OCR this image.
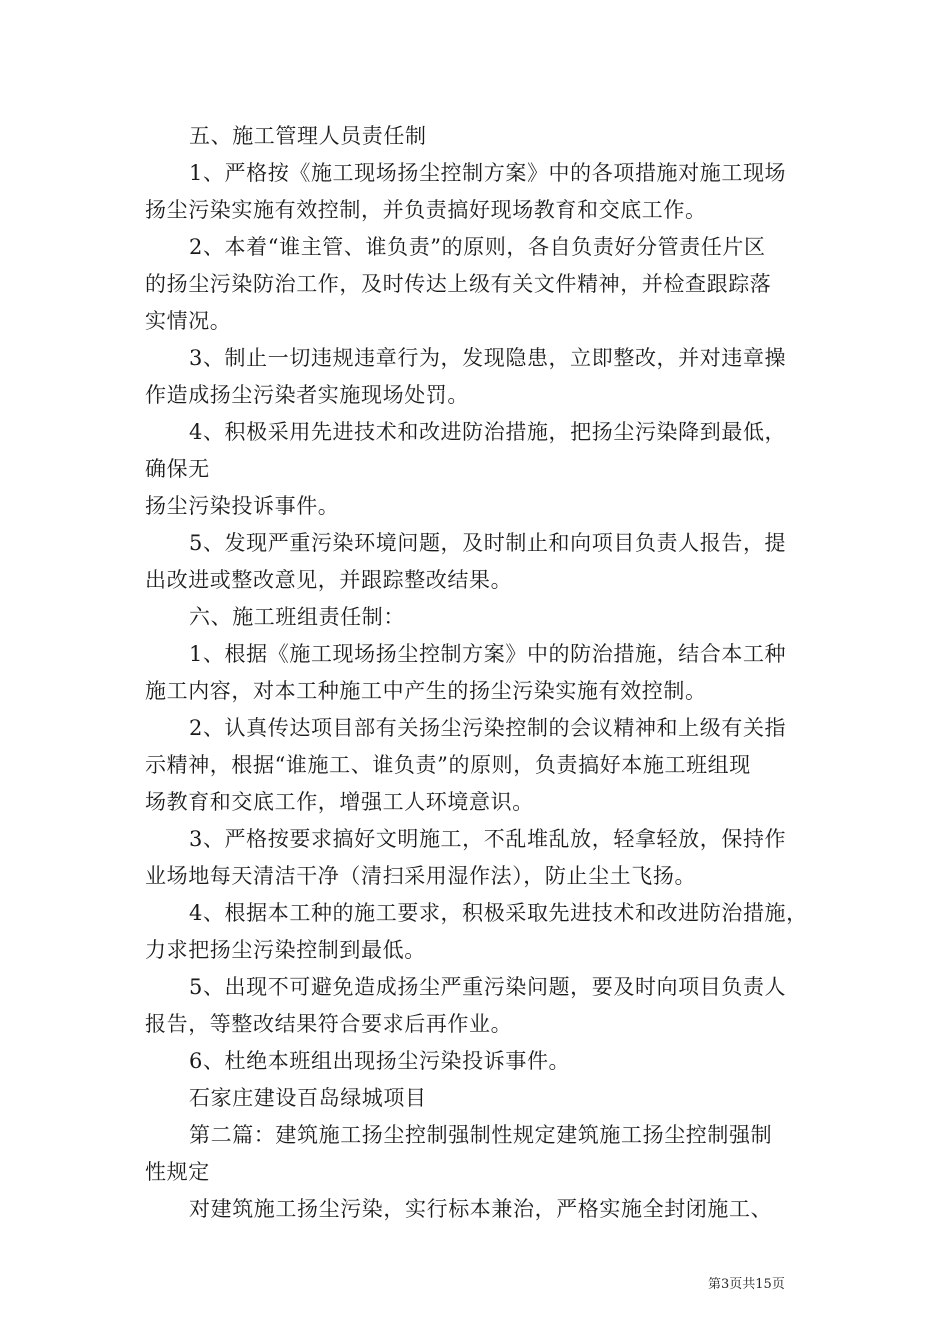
五、施工管理人员责任制
1、严格按《施工现场扬尘控制方案》中的各项措施对施工现场
扬尘污染实施有效控制，并负责搞好现场教育和交底工作。
2、本着“谁主管、谁负责”的原则，各自负责好分管责任片区
的扬尘污染防治工作，及时传达上级有关文件精神，并检查跟踪落
实情况。
3、制止一切违规违章行为，发现隐患，立即整改，并对违章操
作造成扬尘污染者实施现场处罚。
4、积极采用先进技术和改进防治措施，把扬尘污染降到最低，
确保无
扬尘污染投诉事件。
5、发现严重污染环境问题，及时制止和向项目负责人报告，提
出改进或整改意见，并跟踪整改结果。
六、施工班组责任制：
1、根据《施工现场扬尘控制方案》中的防治措施，结合本工种
施工内容，对本工种施工中产生的扬尘污染实施有效控制。
2、认真传达项目部有关扬尘污染控制的会议精神和上级有关指
示精神，根据“谁施工、谁负责”的原则，负责搞好本施工班组现
场教育和交底工作，增强工人环境意识。
3、严格按要求搞好文明施工，不乱堆乱放，轻拿轻放，保持作
业场地每天清洁干净（清扫采用湿作法），防止尘土飞扬。
4、根据本工种的施工要求，积极采取先进技术和改进防治措施，
力求把扬尘污染控制到最低。
5、出现不可避免造成扬尘严重污染问题，要及时向项目负责人
报告，等整改结果符合要求后再作业。
6、杜绝本班组出现扬尘污染投诉事件。
石家庄建设百岛绿城项目
第二篇：建筑施工扬尘控制强制性规定建筑施工扬尘控制强制
性规定
对建筑施工扬尘污染，实行标本兼治，严格实施全封闭施工、
第3页共15页
